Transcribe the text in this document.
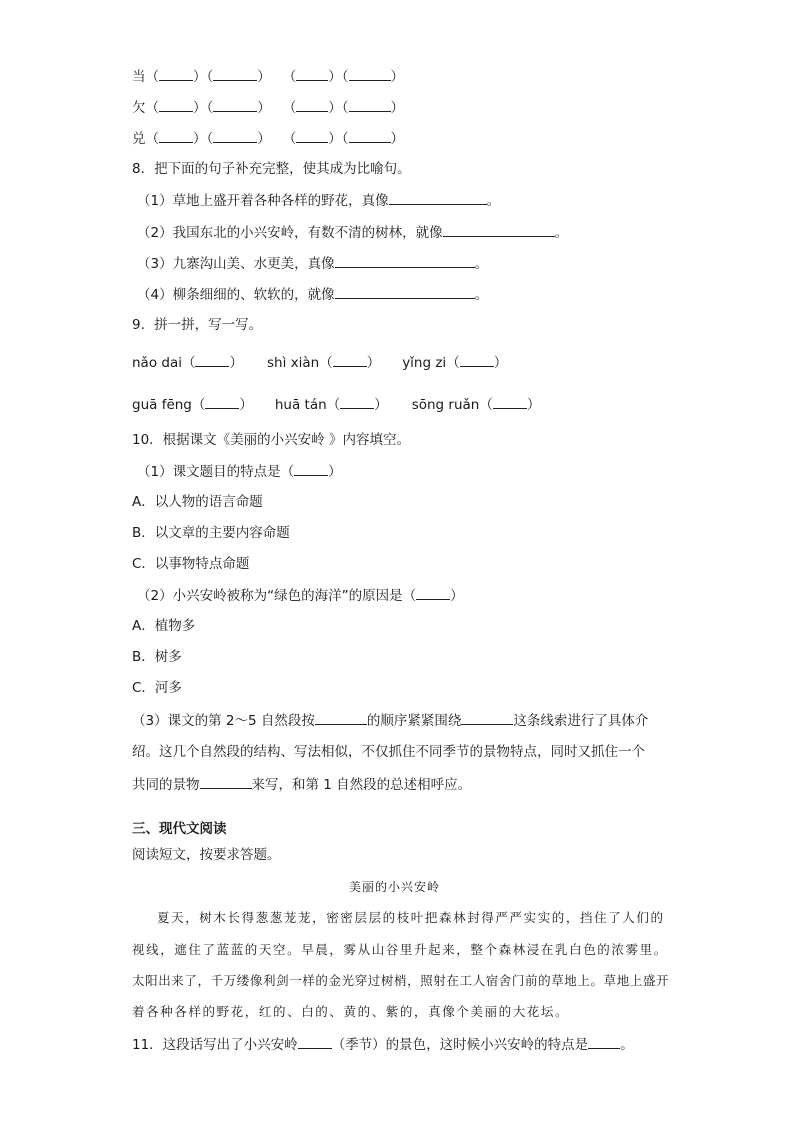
当（	）（	） （ ）（	）
欠（	）（	） （ ）（	）
兑（	）（	） （ ）（	）
8．把下面的句子补充完整，使其成为比喻句。
（1）草地上盛开着各种各样的野花，真像	。
（2）我国东北的小兴安岭，有数不清的树林，就像	。
（3）九寨沟山美、水更美，真像	。
（4）柳条细细的、软软的，就像	。
9．拼一拼，写一写。
nǎo dai（	） shì xiàn（	） yǐng zi（	）
guā fēng（	） huā tán（	） sōng ruǎn（	）
10．根据课文《美丽的小兴安岭 》内容填空。
（1）课文题目的特点是（	）
A．以人物的语言命题
B．以文章的主要内容命题
C．以事物特点命题
（2）小兴安岭被称为“绿色的海洋”的原因是（	）
A．植物多
B．树多
C．河多
（3）课文的第 2～5 自然段按	的顺序紧紧围绕	这条线索进行了具体介
绍。这几个自然段的结构、写法相似，不仅抓住不同季节的景物特点，同时又抓住一个
共同的景物	来写，和第 1 自然段的总述相呼应。
三、现代文阅读
阅读短文，按要求答题。
美丽的小兴安岭
夏天，树木长得葱葱茏茏，密密层层的枝叶把森林封得严严实实的，挡住了人们的
视线，遮住了蓝蓝的天空。早晨，雾从山谷里升起来，整个森林浸在乳白色的浓雾里。
太阳出来了，千万缕像利剑一样的金光穿过树梢，照射在工人宿舍门前的草地上。草地上盛开
着各种各样的野花，红的、白的、黄的、紫的，真像个美丽的大花坛。
11．这段话写出了小兴安岭	（季节）的景色，这时候小兴安岭的特点是 。
